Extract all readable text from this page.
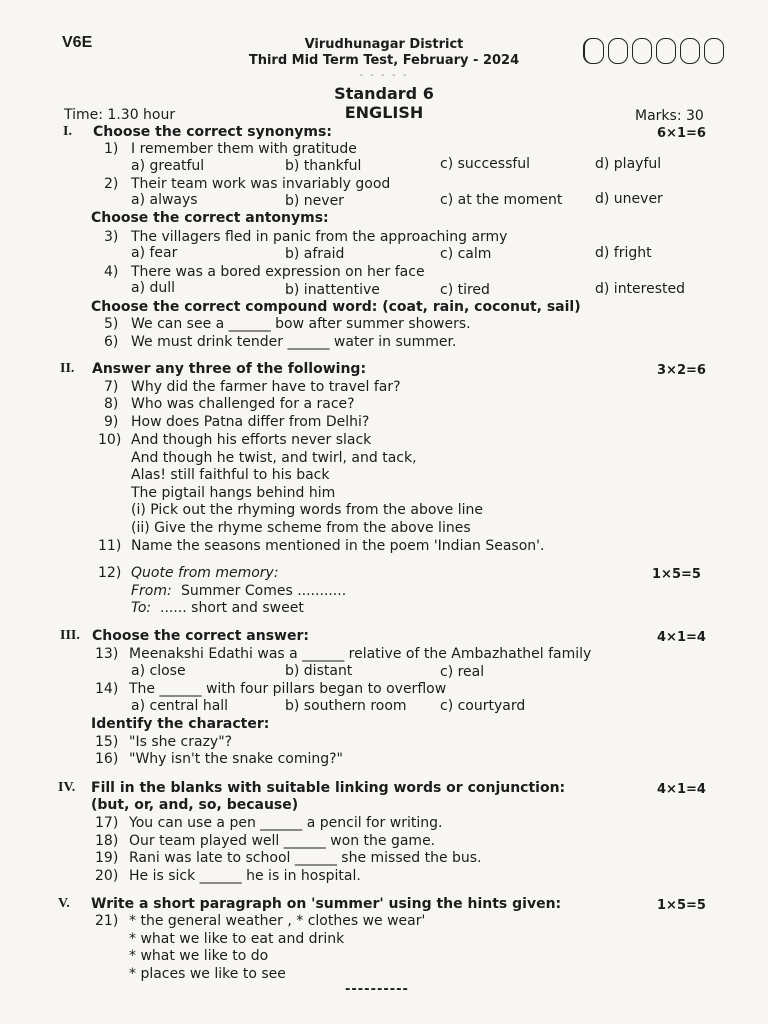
V6E	Virudhunagar District
Third Mid Term Test, February - 2024
- - - - -
Standard 6
ENGLISH
Time: 1.30 hour	Marks: 30
I. Choose the correct synonyms:	6×1=6
1) I remember them with gratitude
a) greatful	b) thankful	c) successful	d) playful
2) Their team work was invariably good
a) always	b) never	c) at the moment d) unever
Choose the correct antonyms:
3) The villagers fled in panic from the approaching army
a) fear	b) afraid	c) calm	d) fright
4) There was a bored expression on her face
a) dull	b) inattentive	c) tired	d) interested
Choose the correct compound word: (coat, rain, coconut, sail)
5) We can see a ______ bow after summer showers.
6) We must drink tender ______ water in summer.
II. Answer any three of the following:	3×2=6
7) Why did the farmer have to travel far?
8) Who was challenged for a race?
9) How does Patna differ from Delhi?
10) And though his efforts never slack
And though he twist, and twirl, and tack,
Alas! still faithful to his back
The pigtail hangs behind him
(i) Pick out the rhyming words from the above line
(ii) Give the rhyme scheme from the above lines
11) Name the seasons mentioned in the poem 'Indian Season'.
12) Quote from memory:	1×5=5
From: Summer Comes ...........
To: ...... short and sweet
III. Choose the correct answer:	4×1=4
13) Meenakshi Edathi was a ______ relative of the Ambazhathel family
a) close	b) distant	c) real
14) The ______ with four pillars began to overflow
a) central hall	b) southern room c) courtyard
Identify the character:
15) "Is she crazy"?
16) "Why isn't the snake coming?"
IV. Fill in the blanks with suitable linking words or conjunction:	4×1=4
(but, or, and, so, because)
17) You can use a pen ______ a pencil for writing.
18) Our team played well ______ won the game.
19) Rani was late to school ______ she missed the bus.
20) He is sick ______ he is in hospital.
V. Write a short paragraph on 'summer' using the hints given:	1×5=5
21) * the general weather , * clothes we wear'
* what we like to eat and drink
* what we like to do
* places we like to see
----------
